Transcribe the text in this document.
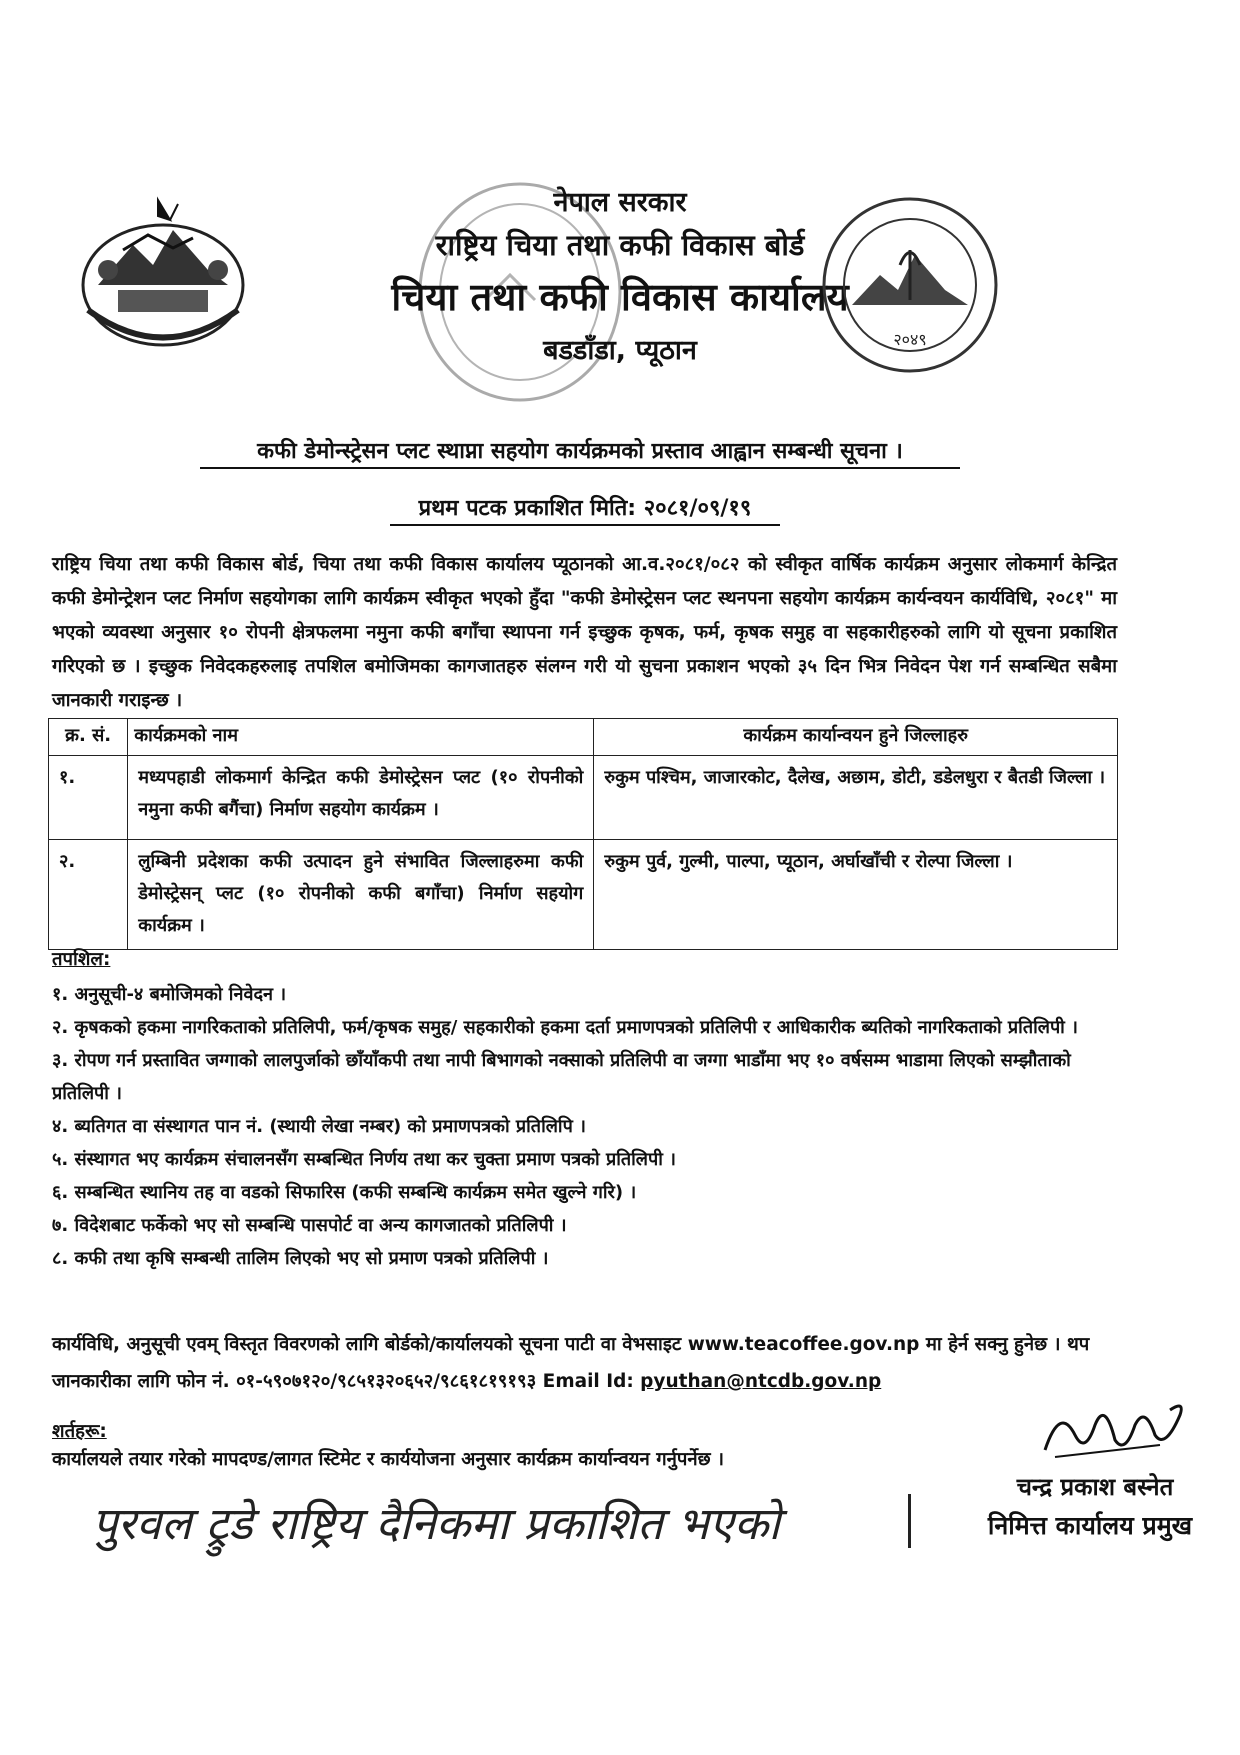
नेपाल सरकार
राष्ट्रिय चिया तथा कफी विकास बोर्ड
चिया तथा कफी विकास कार्यालय
बडडाँडा, प्यूठान	२०४९
कफी डेमोन्स्ट्रेसन प्लट स्थाप्ना सहयोग कार्यक्रमको प्रस्ताव आह्वान सम्बन्धी सूचना ।
प्रथम पटक प्रकाशित मिति: २०८१/०९/१९
राष्ट्रिय चिया तथा कफी विकास बोर्ड, चिया तथा कफी विकास कार्यालय प्यूठानको आ.व.२०८१/०८२ को स्वीकृत वार्षिक कार्यक्रम अनुसार लोकमार्ग केन्द्रित कफी डेमोन्ट्रेशन प्लट निर्माण सहयोगका लागि कार्यक्रम स्वीकृत भएको हुँदा "कफी डेमोस्ट्रेसन प्लट स्थनपना सहयोग कार्यक्रम कार्यन्वयन कार्यविधि, २०८१" मा भएको व्यवस्था अनुसार १० रोपनी क्षेत्रफलमा नमुना कफी बगाँचा स्थापना गर्न इच्छुक कृषक, फर्म, कृषक समुह वा सहकारीहरुको लागि यो सूचना प्रकाशित गरिएको छ । इच्छुक निवेदकहरुलाइ तपशिल बमोजिमका कागजातहरु संलग्न गरी यो सुचना प्रकाशन भएको ३५ दिन भित्र निवेदन पेश गर्न सम्बन्धित सबैमा जानकारी गराइन्छ ।
क्र. सं.	कार्यक्रमको नाम	कार्यक्रम कार्यान्वयन हुने जिल्लाहरु
१.	मध्यपहाडी लोकमार्ग केन्द्रित कफी डेमोस्ट्रेसन प्लट (१० रोपनीको नमुना कफी बगैंचा) निर्माण सहयोग कार्यक्रम ।	रुकुम पश्चिम, जाजारकोट, दैलेख, अछाम, डोटी, डडेलधुरा र बैतडी जिल्ला ।
२.	लुम्बिनी प्रदेशका कफी उत्पादन हुने संभावित जिल्लाहरुमा कफी डेमोस्ट्रेसन् प्लट (१० रोपनीको कफी बगाँचा) निर्माण सहयोग कार्यक्रम ।	रुकुम पुर्व, गुल्मी, पाल्पा, प्यूठान, अर्घाखाँची र रोल्पा जिल्ला ।
तपशिल:
१. अनुसूची-४ बमोजिमको निवेदन ।
२. कृषकको हकमा नागरिकताको प्रतिलिपी, फर्म/कृषक समुह/ सहकारीको हकमा दर्ता प्रमाणपत्रको प्रतिलिपी र आधिकारीक ब्यतिको नागरिकताको प्रतिलिपी ।
३. रोपण गर्न प्रस्तावित जग्गाको लालपुर्जाको छाँयाँकपी तथा नापी बिभागको नक्साको प्रतिलिपी वा जग्गा भाडाँमा भए १० वर्षसम्म भाडामा लिएको सम्झौताको प्रतिलिपी ।
४. ब्यतिगत वा संस्थागत पान नं. (स्थायी लेखा नम्बर) को प्रमाणपत्रको प्रतिलिपि ।
५. संस्थागत भए कार्यक्रम संचालनसँग सम्बन्धित निर्णय तथा कर चुक्ता प्रमाण पत्रको प्रतिलिपी ।
६. सम्बन्धित स्थानिय तह वा वडको सिफारिस (कफी सम्बन्धि कार्यक्रम समेत खुल्ने गरि) ।
७. विदेशबाट फर्केको भए सो सम्बन्धि पासपोर्ट वा अन्य कागजातको प्रतिलिपी ।
८. कफी तथा कृषि सम्बन्धी तालिम लिएको भए सो प्रमाण पत्रको प्रतिलिपी ।
कार्यविधि, अनुसूची एवम् विस्तृत विवरणको लागि बोर्डको/कार्यालयको सूचना पाटी वा वेभसाइट www.teacoffee.gov.np मा हेर्न सक्नु हुनेछ । थप जानकारीका लागि फोन नं. ०१-५९०७१२०/९८५१३२०६५२/९८६१८१९१९३ Email Id: pyuthan@ntcdb.gov.np
शर्तहरू:
कार्यालयले तयार गरेको मापदण्ड/लागत स्टिमेट र कार्ययोजना अनुसार कार्यक्रम कार्यान्वयन गर्नुपर्नेछ ।
चन्द्र प्रकाश बस्नेत
निमित्त कार्यालय प्रमुख
पुरवल ट्रुडे राष्ट्रिय दैनिकमा प्रकाशित भएको
